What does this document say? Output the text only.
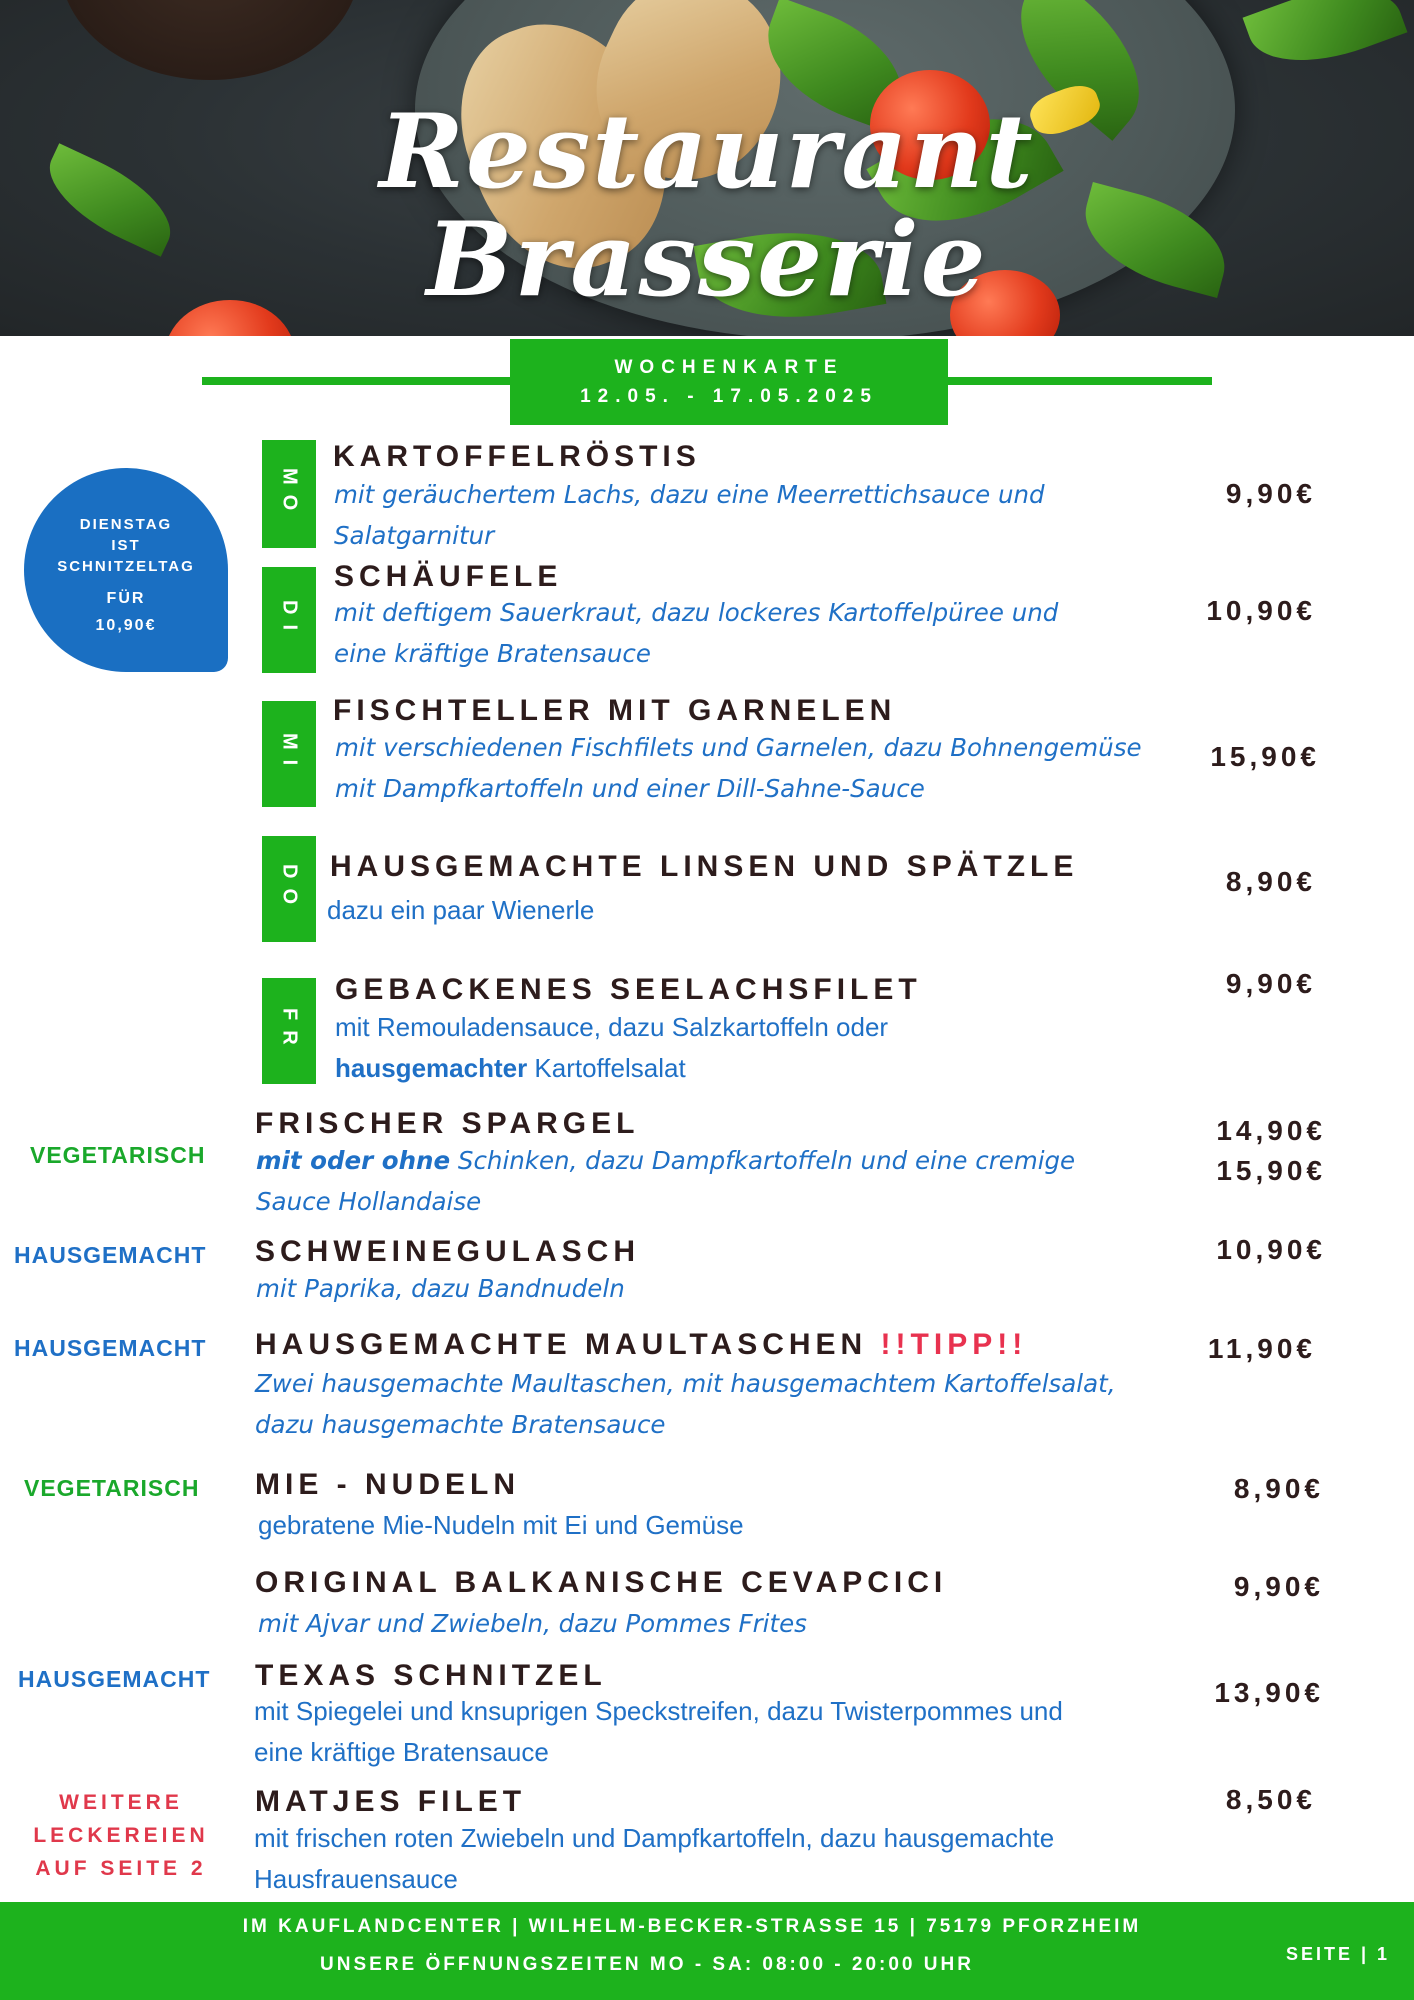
Restaurant
Brasserie
WOCHENKARTE
12.05. - 17.05.2025
DIENSTAG
IST
SCHNITZELTAG
FÜR
10,90€
MO
DI
MI
DO
FR
KARTOFFELRÖSTIS
mit geräuchertem Lachs, dazu eine Meerrettichsauce und
Salatgarnitur
9,90€
SCHÄUFELE
mit deftigem Sauerkraut, dazu lockeres Kartoffelpüree und
eine kräftige Bratensauce
10,90€
FISCHTELLER MIT GARNELEN
mit verschiedenen Fischfilets und Garnelen, dazu Bohnengemüse
mit Dampfkartoffeln und einer Dill-Sahne-Sauce
15,90€
HAUSGEMACHTE LINSEN UND SPÄTZLE
dazu ein paar Wienerle
8,90€
GEBACKENES SEELACHSFILET
mit Remouladensauce, dazu Salzkartoffeln oder
hausgemachter Kartoffelsalat
9,90€
VEGETARISCH
FRISCHER SPARGEL
mit oder ohne Schinken, dazu Dampfkartoffeln und eine cremige
Sauce Hollandaise
14,90€
15,90€
HAUSGEMACHT SCHWEINEGULASCH
mit Paprika, dazu Bandnudeln
10,90€
HAUSGEMACHT HAUSGEMACHTE MAULTASCHEN !!TIPP!!
Zwei hausgemachte Maultaschen, mit hausgemachtem Kartoffelsalat,
dazu hausgemachte Bratensauce
11,90€
VEGETARISCH MIE - NUDELN
gebratene Mie-Nudeln mit Ei und Gemüse
8,90€
ORIGINAL BALKANISCHE CEVAPCICI
mit Ajvar und Zwiebeln, dazu Pommes Frites
9,90€
HAUSGEMACHT TEXAS SCHNITZEL
mit Spiegelei und knsuprigen Speckstreifen, dazu Twisterpommes und
eine kräftige Bratensauce
13,90€
MATJES FILET
mit frischen roten Zwiebeln und Dampfkartoffeln, dazu hausgemachte
Hausfrauensauce
8,50€
WEITERE
LECKEREIEN
AUF SEITE 2
IM KAUFLANDCENTER | WILHELM-BECKER-STRASSE 15 | 75179 PFORZHEIM
UNSERE ÖFFNUNGSZEITEN MO - SA: 08:00 - 20:00 UHR	SEITE | 1
